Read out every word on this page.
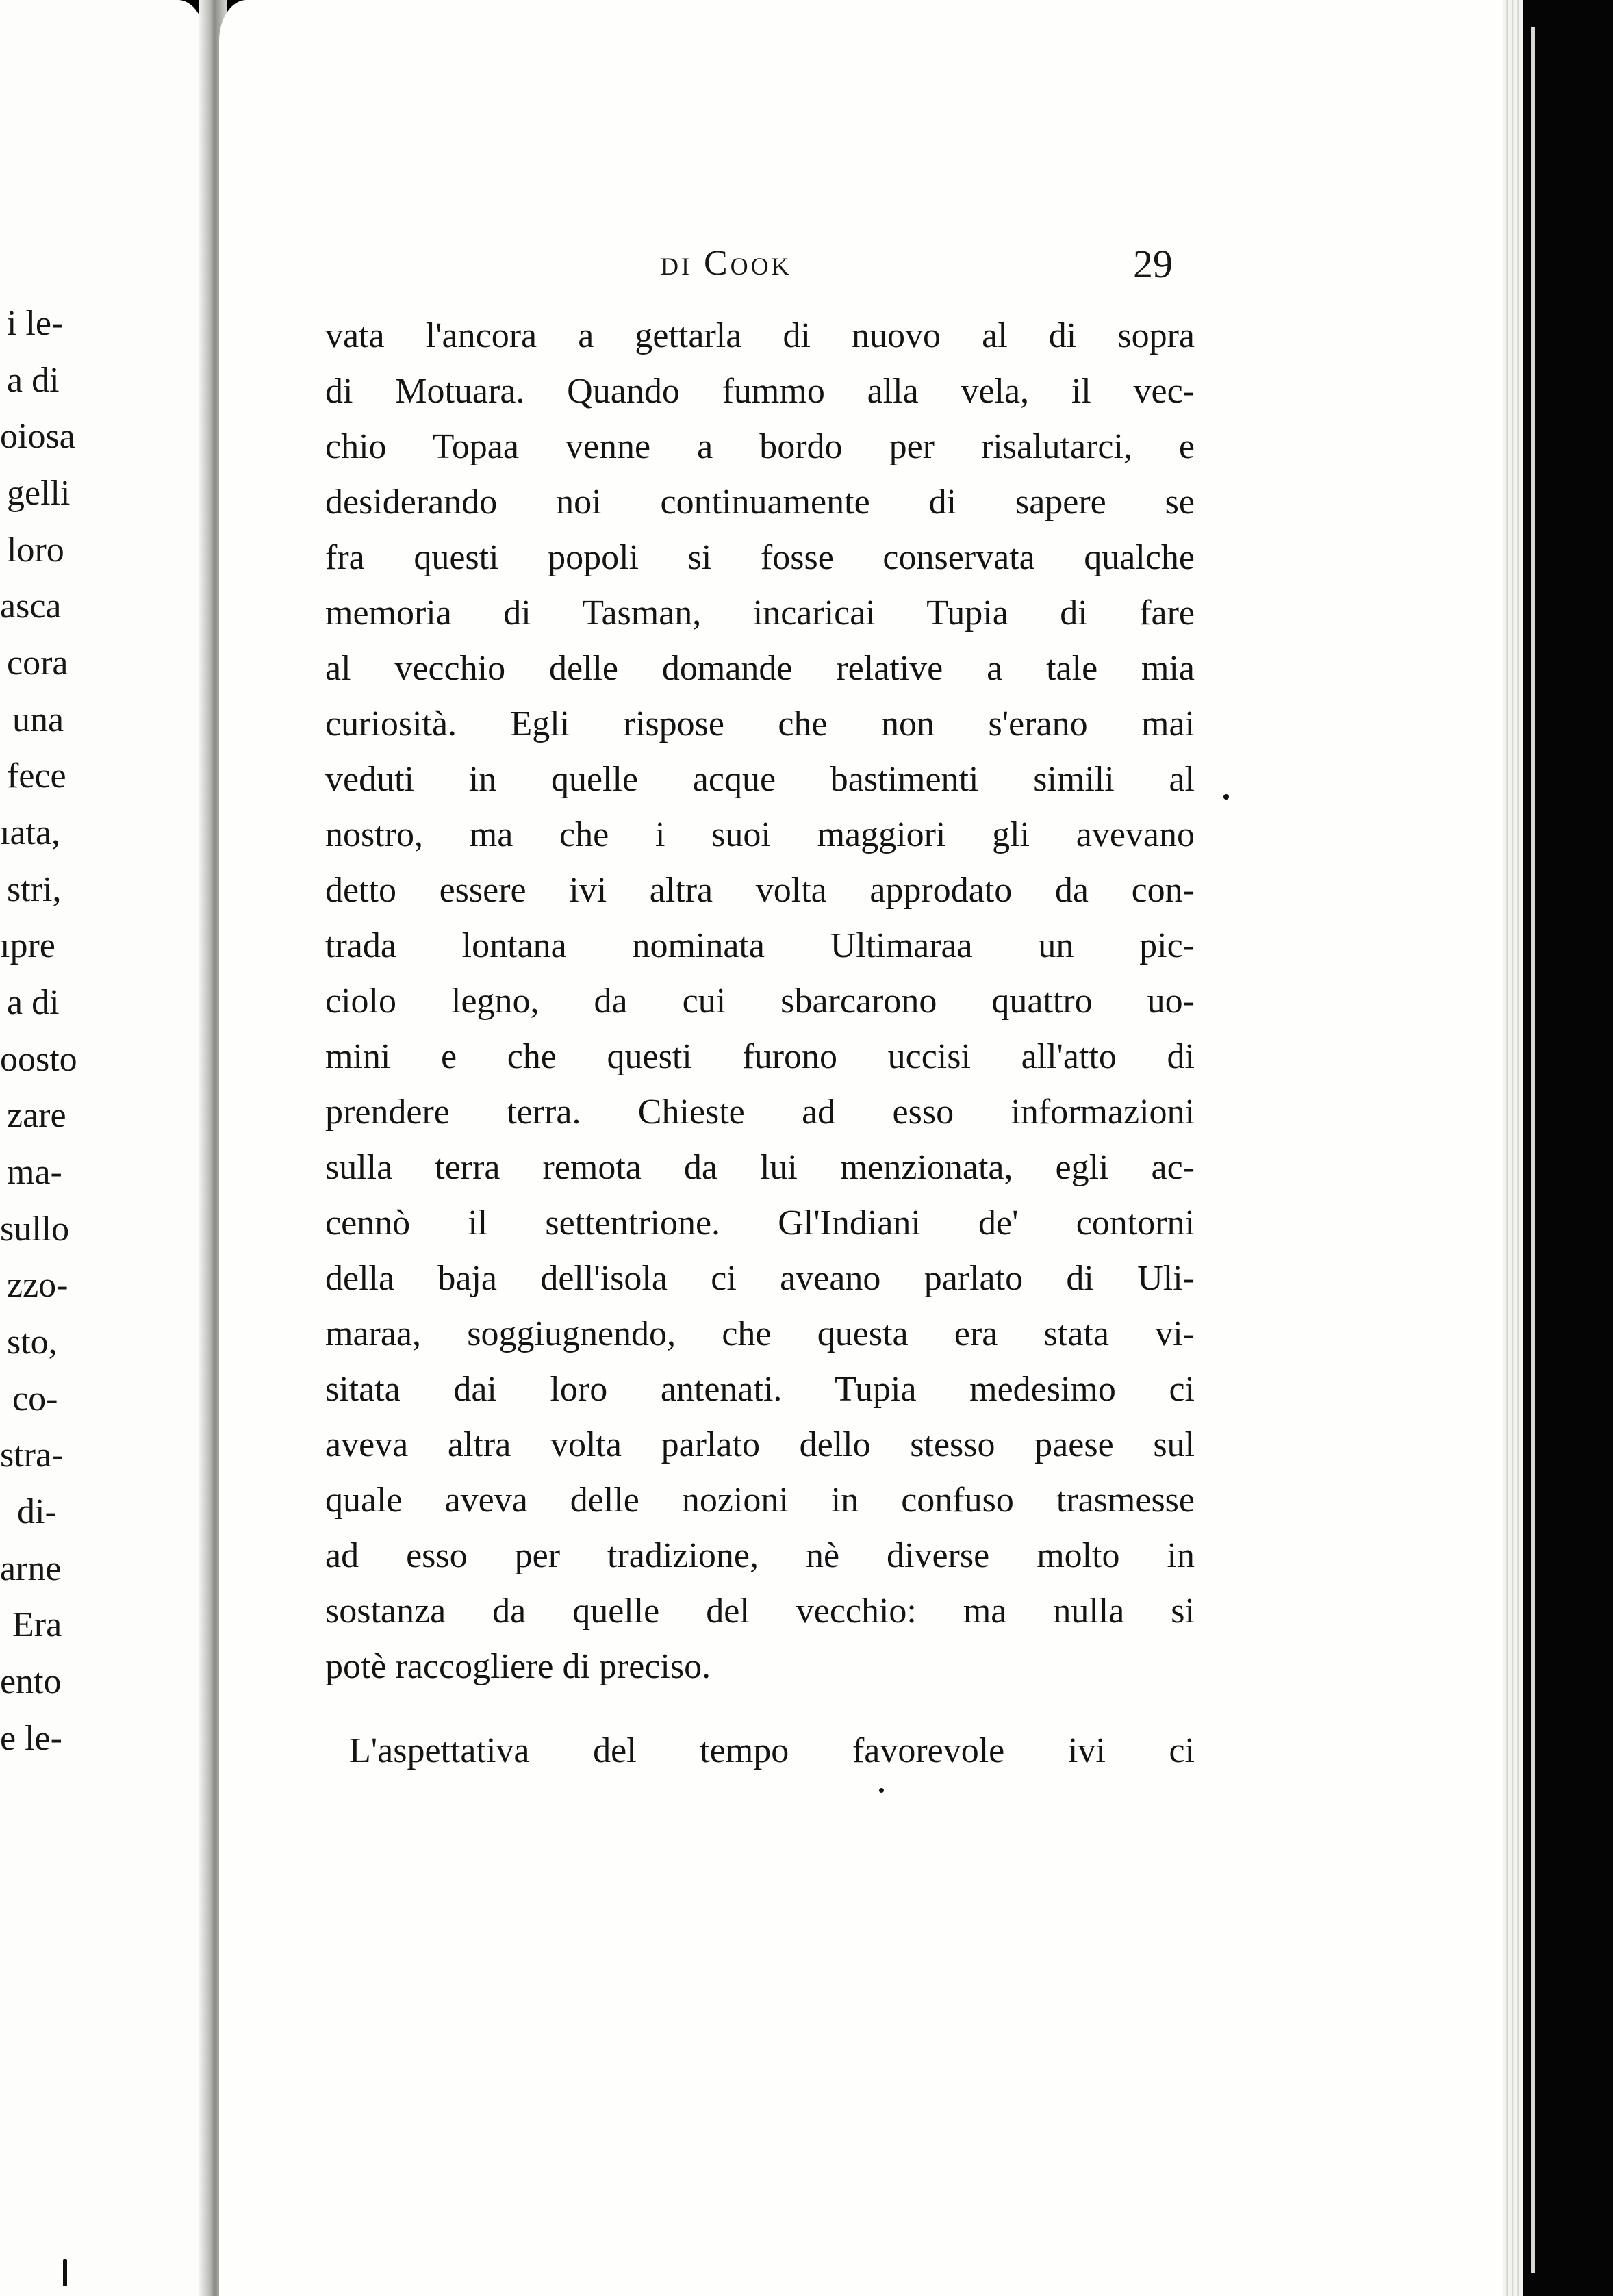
i le-

a di

oiosa

gelli

loro

asca

cora

una

fece

ıata,

stri,

ıpre

a di

oosto

zare

ma-

sullo

zzo-

sto,

co-

stra-

di-

arne

Era

ento

e le-

di Cook	29

vata l'ancora a gettarla di nuovo al di sopra

di Motuara. Quando fummo alla vela, il vec-

chio Topaa venne a bordo per risalutarci, e

desiderando noi continuamente di sapere se

fra questi popoli si fosse conservata qualche

memoria di Tasman, incaricai Tupia di fare

al vecchio delle domande relative a tale mia

curiosità. Egli rispose che non s'erano mai

veduti in quelle acque bastimenti simili al

nostro, ma che i suoi maggiori gli avevano

detto essere ivi altra volta approdato da con-

trada lontana nominata Ultimaraa un pic-

ciolo legno, da cui sbarcarono quattro uo-

mini e che questi furono uccisi all'atto di

prendere terra. Chieste ad esso informazioni

sulla terra remota da lui menzionata, egli ac-

cennò il settentrione. Gl'Indiani de' contorni

della baja dell'isola ci aveano parlato di Uli-

maraa, soggiugnendo, che questa era stata vi-

sitata dai loro antenati. Tupia medesimo ci

aveva altra volta parlato dello stesso paese sul

quale aveva delle nozioni in confuso trasmesse

ad esso per tradizione, nè diverse molto in

sostanza da quelle del vecchio: ma nulla si

potè raccogliere di preciso.

L'aspettativa del tempo favorevole ivi ci
